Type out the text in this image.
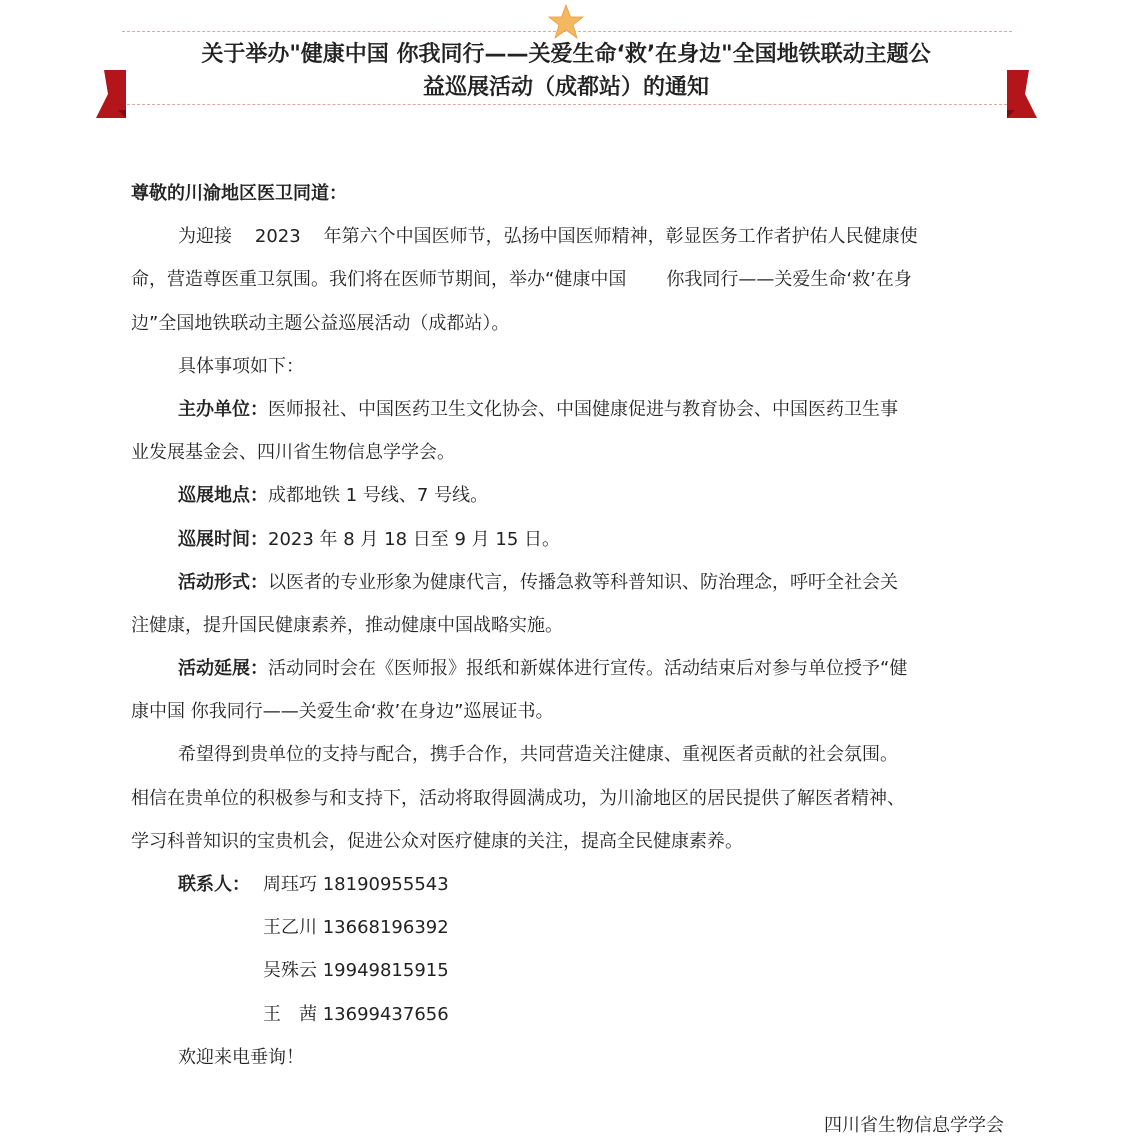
关于举办"健康中国 你我同行——关爱生命‘救’在身边"全国地铁联动主题公
益巡展活动（成都站）的通知
尊敬的川渝地区医卫同道：
为迎接    2023    年第六个中国医师节，弘扬中国医师精神，彰显医务工作者护佑人民健康使
命，营造尊医重卫氛围。我们将在医师节期间，举办“健康中国       你我同行——关爱生命‘救’在身
边”全国地铁联动主题公益巡展活动（成都站）。
具体事项如下：
主办单位：医师报社、中国医药卫生文化协会、中国健康促进与教育协会、中国医药卫生事
业发展基金会、四川省生物信息学学会。
巡展地点：成都地铁 1 号线、7 号线。
巡展时间：2023 年 8 月 18 日至 9 月 15 日。
活动形式：以医者的专业形象为健康代言，传播急救等科普知识、防治理念，呼吁全社会关
注健康，提升国民健康素养，推动健康中国战略实施。
活动延展：活动同时会在《医师报》报纸和新媒体进行宣传。活动结束后对参与单位授予“健
康中国 你我同行——关爱生命‘救’在身边”巡展证书。
希望得到贵单位的支持与配合，携手合作，共同营造关注健康、重视医者贡献的社会氛围。
相信在贵单位的积极参与和支持下，活动将取得圆满成功，为川渝地区的居民提供了解医者精神、
学习科普知识的宝贵机会，促进公众对医疗健康的关注，提高全民健康素养。
联系人： 周珏巧 18190955543
王乙川 13668196392
吴殊云 19949815915
王　茜 13699437656
欢迎来电垂询！
四川省生物信息学学会
